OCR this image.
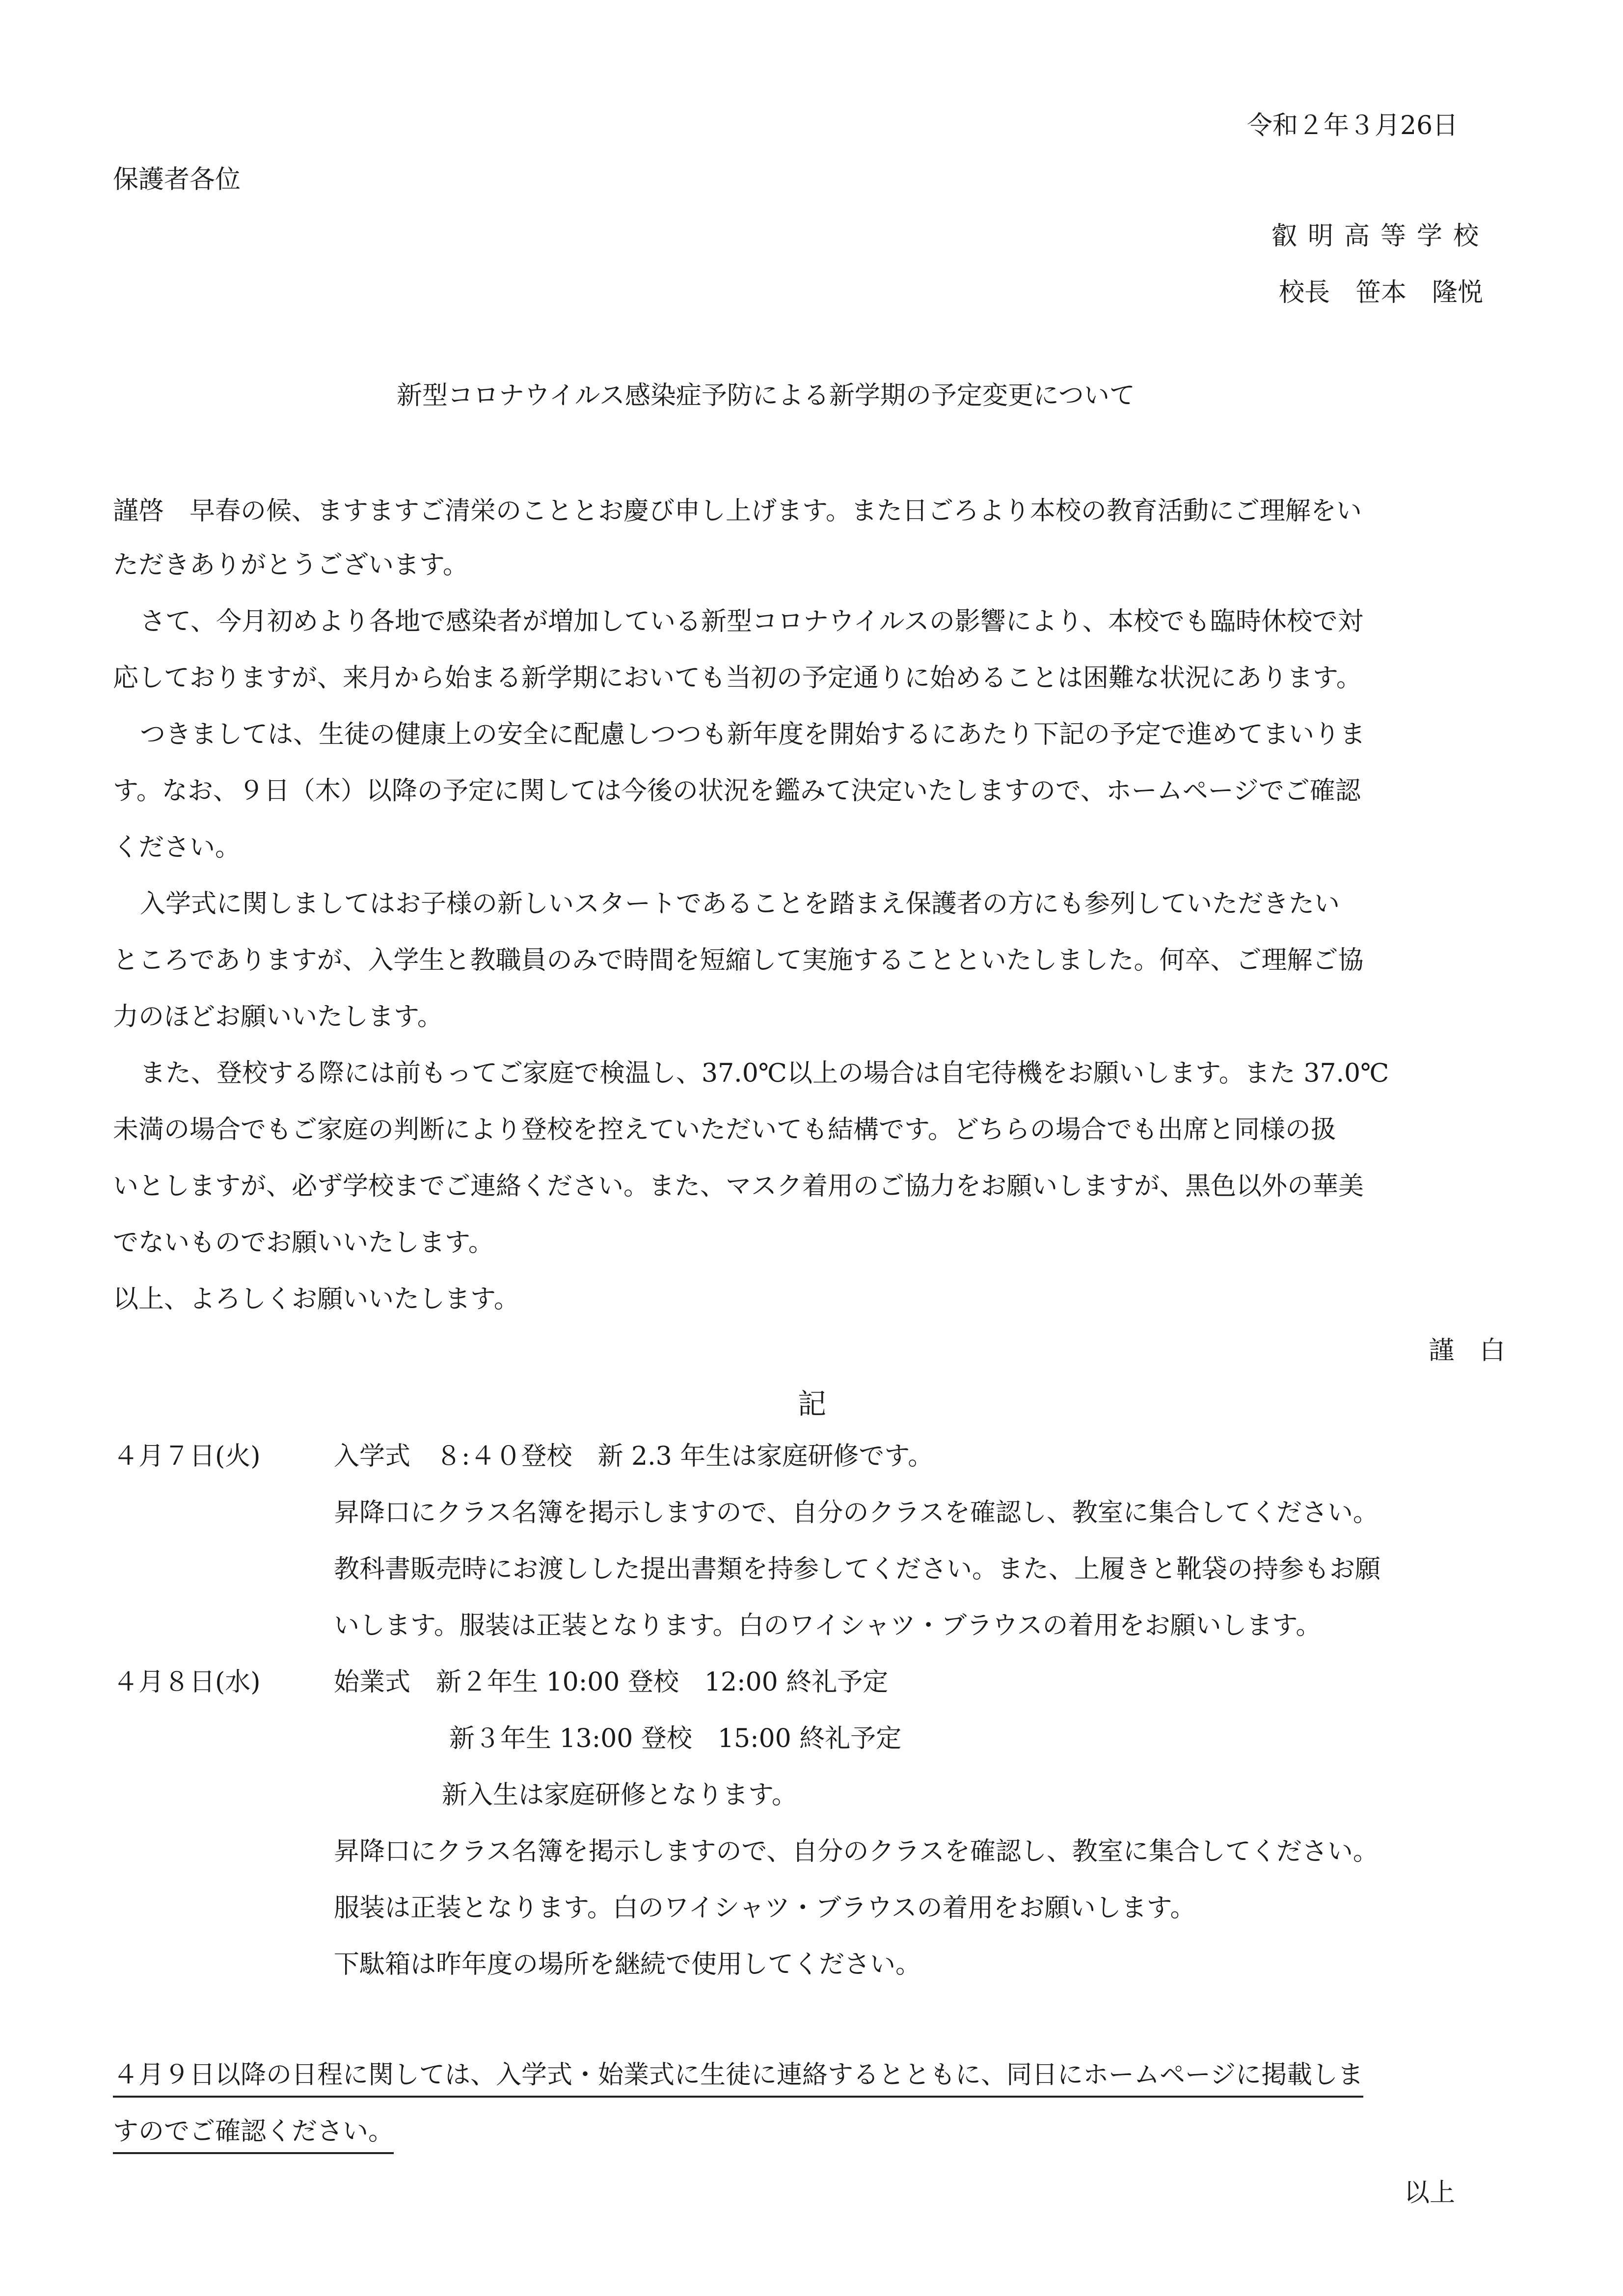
令和２年３月26日
保護者各位
叡明高等学校
校長　笹本　隆悦
新型コロナウイルス感染症予防による新学期の予定変更について
謹啓　早春の候、ますますご清栄のこととお慶び申し上げます。また日ごろより本校の教育活動にご理解をい
ただきありがとうございます。
さて、今月初めより各地で感染者が増加している新型コロナウイルスの影響により、本校でも臨時休校で対
応しておりますが、来月から始まる新学期においても当初の予定通りに始めることは困難な状況にあります。
つきましては、生徒の健康上の安全に配慮しつつも新年度を開始するにあたり下記の予定で進めてまいりま
す。なお、９日（木）以降の予定に関しては今後の状況を鑑みて決定いたしますので、ホームページでご確認
ください。
入学式に関しましてはお子様の新しいスタートであることを踏まえ保護者の方にも参列していただきたい
ところでありますが、入学生と教職員のみで時間を短縮して実施することといたしました。何卒、ご理解ご協
力のほどお願いいたします。
また、登校する際には前もってご家庭で検温し、37.0℃以上の場合は自宅待機をお願いします。また 37.0℃
未満の場合でもご家庭の判断により登校を控えていただいても結構です。どちらの場合でも出席と同様の扱
いとしますが、必ず学校までご連絡ください。また、マスク着用のご協力をお願いしますが、黒色以外の華美
でないものでお願いいたします。
以上、よろしくお願いいたします。
謹　白
記
４月７日(火)	入学式　８:４０登校　新 2.3 年生は家庭研修です。
昇降口にクラス名簿を掲示しますので、自分のクラスを確認し、教室に集合してください。
教科書販売時にお渡しした提出書類を持参してください。また、上履きと靴袋の持参もお願
いします。服装は正装となります。白のワイシャツ・ブラウスの着用をお願いします。
４月８日(水)	始業式　新２年生 10:00 登校　12:00 終礼予定
新３年生 13:00 登校　15:00 終礼予定
新入生は家庭研修となります。
昇降口にクラス名簿を掲示しますので、自分のクラスを確認し、教室に集合してください。
服装は正装となります。白のワイシャツ・ブラウスの着用をお願いします。
下駄箱は昨年度の場所を継続で使用してください。
４月９日以降の日程に関しては、入学式・始業式に生徒に連絡するとともに、同日にホームページに掲載しま
すのでご確認ください。
以上
